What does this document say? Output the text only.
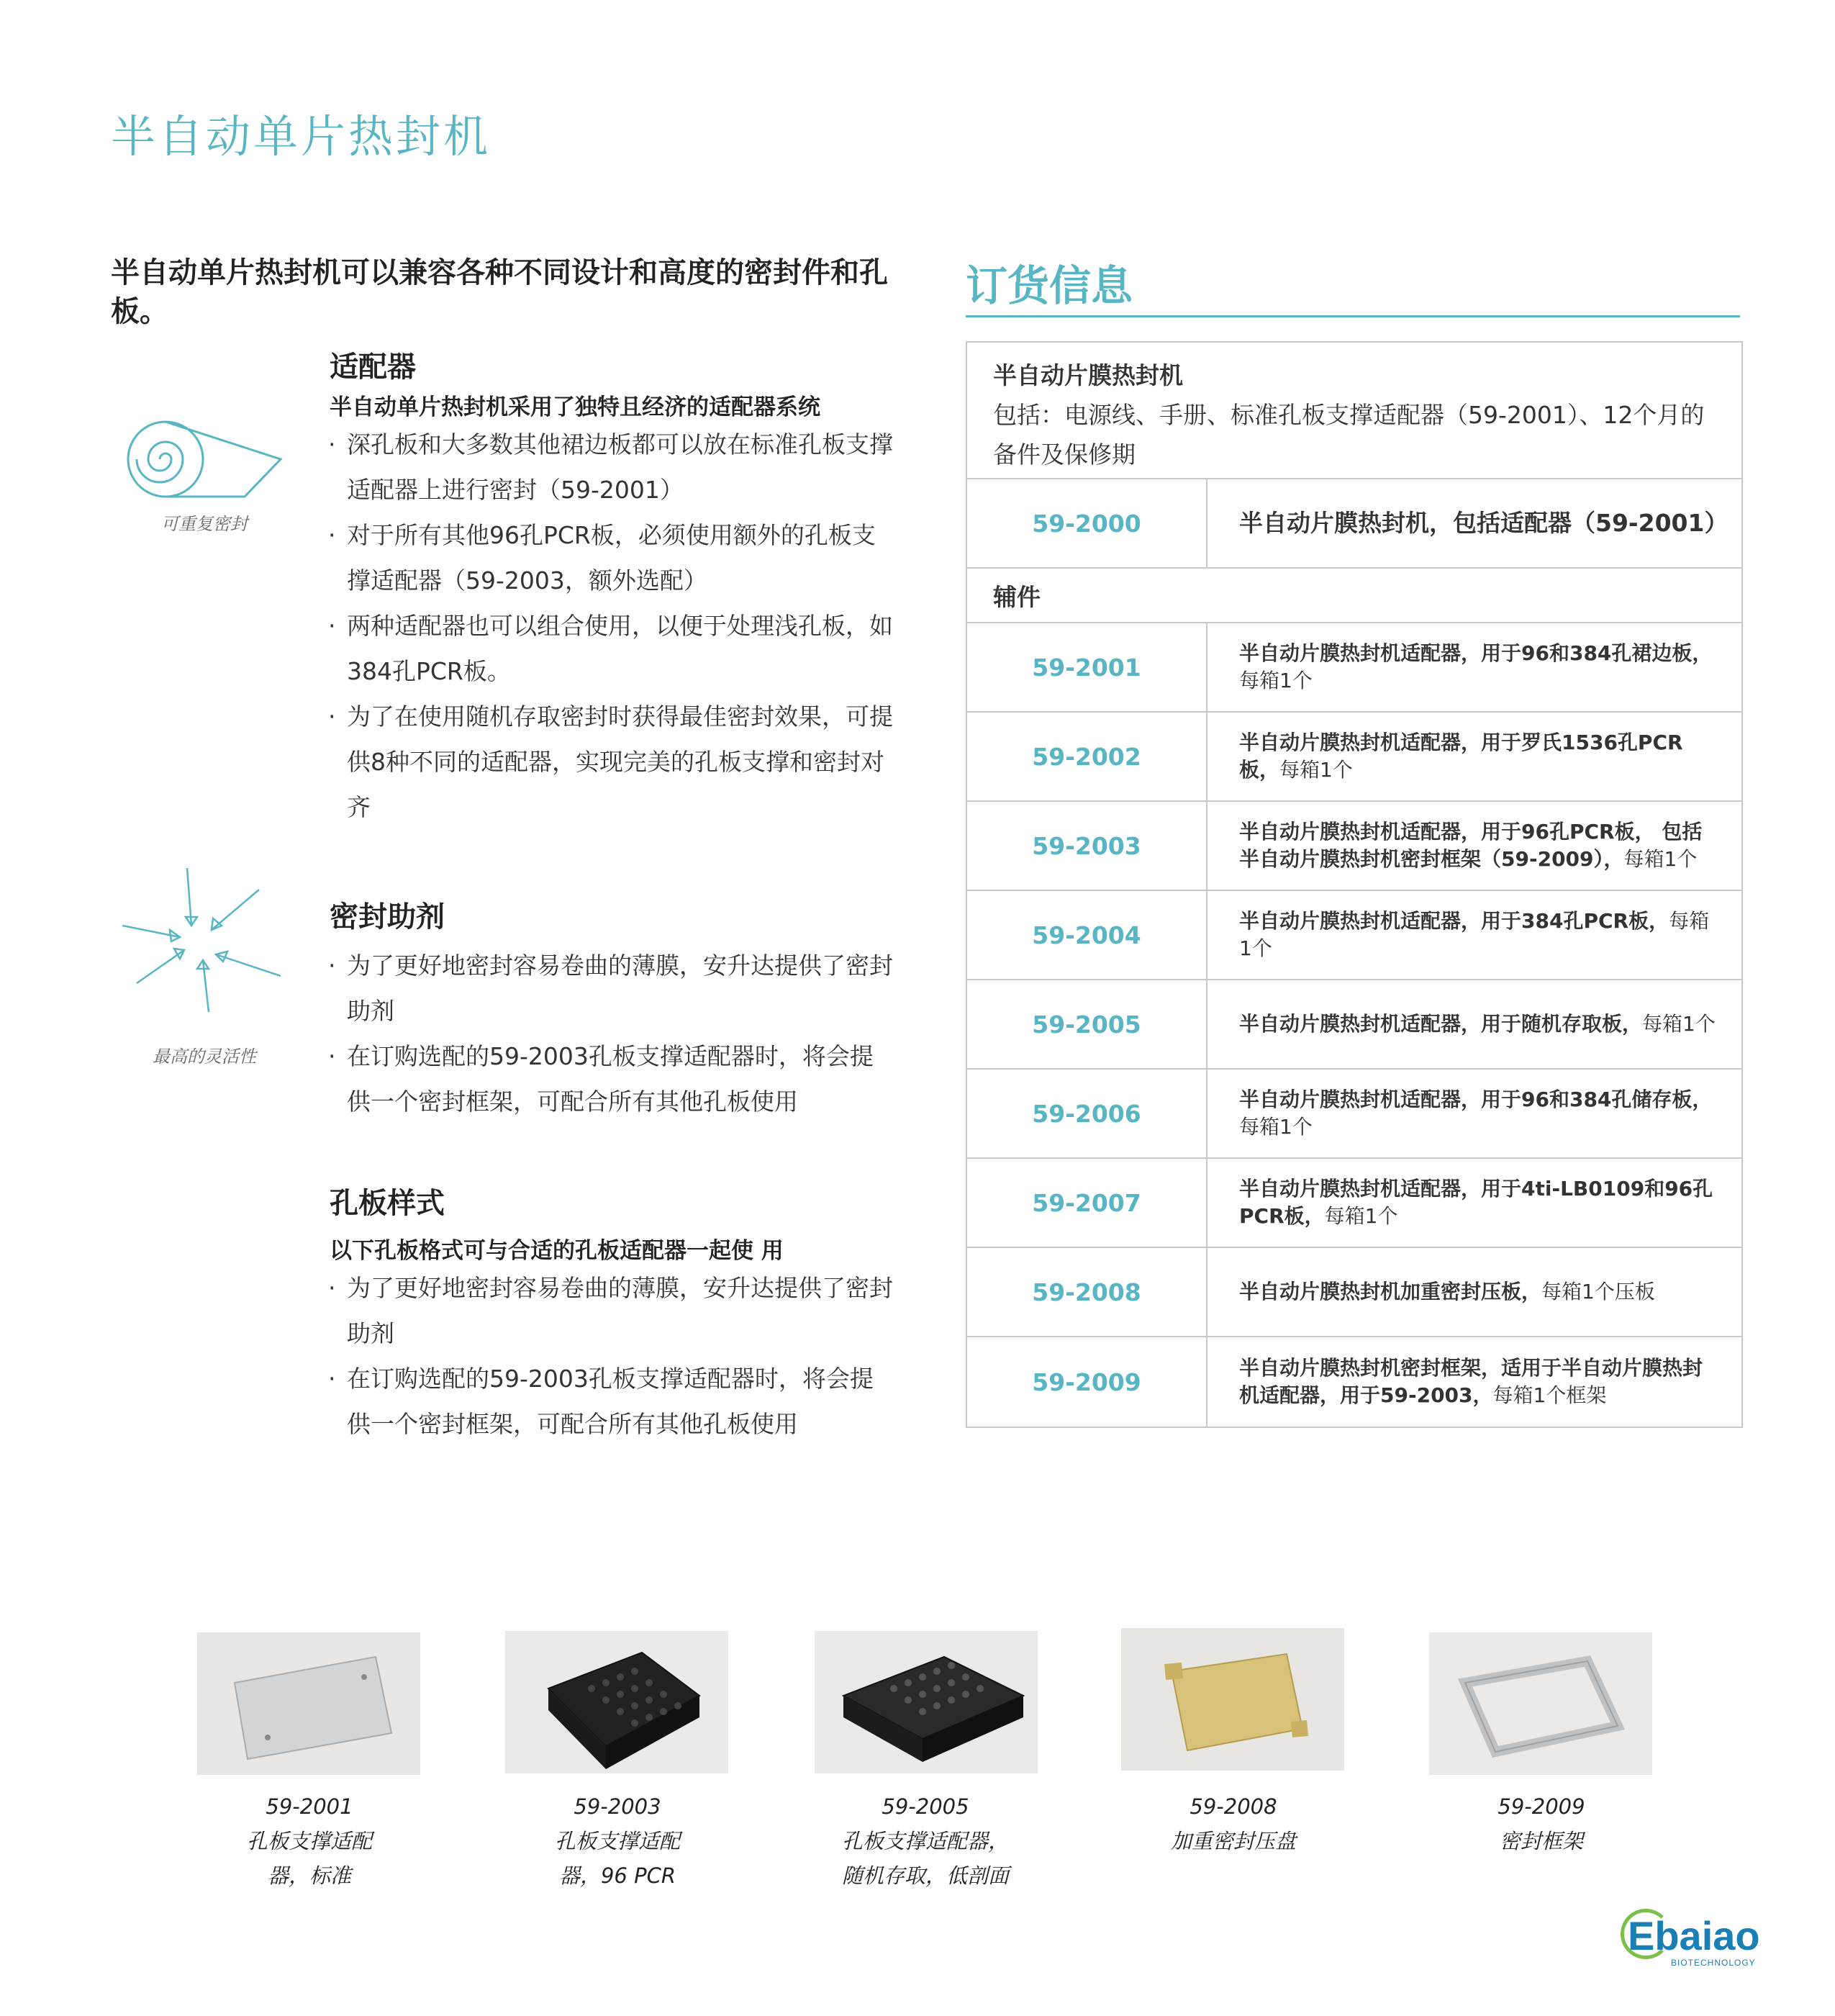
半自动单片热封机
半自动单片热封机可以兼容各种不同设计和高度的密封件和孔板。
可重复密封
适配器
半自动单片热封机采用了独特且经济的适配器系统
· 深孔板和大多数其他裙边板都可以放在标准孔板支撑适配器上进行密封（59-2001）
· 对于所有其他96孔PCR板，必须使用额外的孔板支撑适配器（59-2003，额外选配）
· 两种适配器也可以组合使用，以便于处理浅孔板，如384孔PCR板。
· 为了在使用随机存取密封时获得最佳密封效果，可提供8种不同的适配器，实现完美的孔板支撑和密封对齐
最高的灵活性
密封助剂
· 为了更好地密封容易卷曲的薄膜，安升达提供了密封助剂
· 在订购选配的59-2003孔板支撑适配器时，将会提供一个密封框架，可配合所有其他孔板使用
孔板样式
以下孔板格式可与合适的孔板适配器一起使 用
· 为了更好地密封容易卷曲的薄膜，安升达提供了密封助剂
· 在订购选配的59-2003孔板支撑适配器时，将会提供一个密封框架，可配合所有其他孔板使用
订货信息
半自动片膜热封机
包括：电源线、手册、标准孔板支撑适配器（59-2001）、12个月的备件及保修期
59-2000	半自动片膜热封机，包括适配器（59-2001）
辅件
59-2001	半自动片膜热封机适配器，用于96和384孔裙边板，每箱1个
59-2002	半自动片膜热封机适配器，用于罗氏1536孔PCR板，每箱1个
59-2003	半自动片膜热封机适配器，用于96孔PCR板， 包括半自动片膜热封机密封框架（59-2009），每箱1个
59-2004	半自动片膜热封机适配器，用于384孔PCR板，每箱1个
59-2005	半自动片膜热封机适配器，用于随机存取板，每箱1个
59-2006	半自动片膜热封机适配器，用于96和384孔储存板，每箱1个
59-2007	半自动片膜热封机适配器，用于4ti-LB0109和96孔PCR板，每箱1个
59-2008	半自动片膜热封机加重密封压板，每箱1个压板
59-2009	半自动片膜热封机密封框架，适用于半自动片膜热封机适配器，用于59-2003，每箱1个框架
59-2001
孔板支撑适配
器，标准
59-2003
孔板支撑适配
器，96 PCR
59-2005
孔板支撑适配器，
随机存取，低剖面
59-2008
加重密封压盘
59-2009
密封框架
Ebaiao
BIOTECHNOLOGY
